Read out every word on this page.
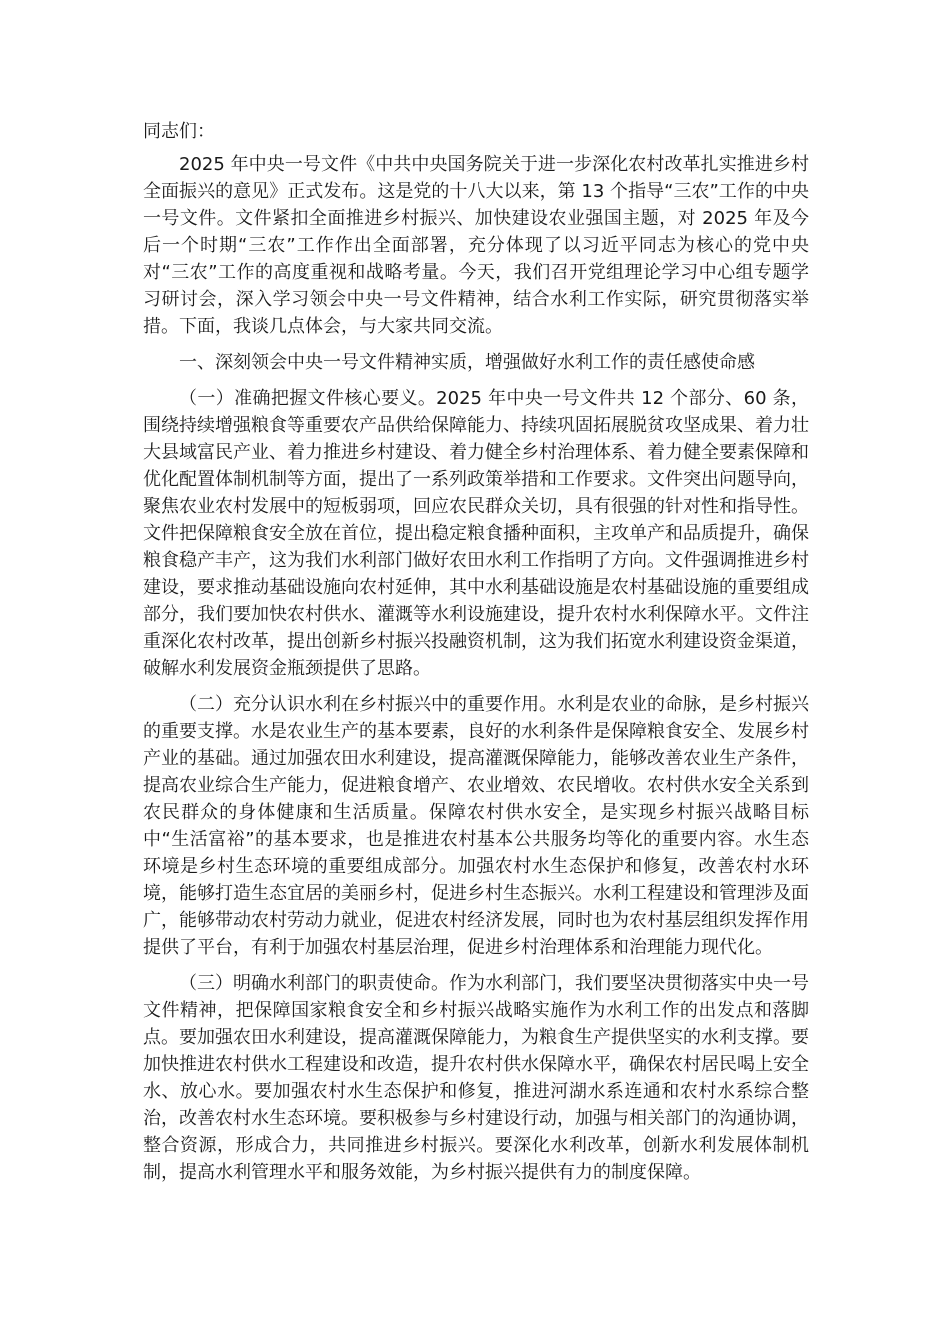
同志们：

2025 年中央一号文件《中共中央国务院关于进一步深化农村改革扎实推进乡村全面振兴的意见》正式发布。这是党的十八大以来，第 13 个指导“三农”工作的中央一号文件。文件紧扣全面推进乡村振兴、加快建设农业强国主题，对 2025 年及今后一个时期“三农”工作作出全面部署，充分体现了以习近平同志为核心的党中央对“三农”工作的高度重视和战略考量。今天，我们召开党组理论学习中心组专题学习研讨会，深入学习领会中央一号文件精神，结合水利工作实际，研究贯彻落实举措。下面，我谈几点体会，与大家共同交流。

一、深刻领会中央一号文件精神实质，增强做好水利工作的责任感使命感

（一）准确把握文件核心要义。2025 年中央一号文件共 12 个部分、60 条，围绕持续增强粮食等重要农产品供给保障能力、持续巩固拓展脱贫攻坚成果、着力壮大县域富民产业、着力推进乡村建设、着力健全乡村治理体系、着力健全要素保障和优化配置体制机制等方面，提出了一系列政策举措和工作要求。文件突出问题导向，聚焦农业农村发展中的短板弱项，回应农民群众关切，具有很强的针对性和指导性。文件把保障粮食安全放在首位，提出稳定粮食播种面积，主攻单产和品质提升，确保粮食稳产丰产，这为我们水利部门做好农田水利工作指明了方向。文件强调推进乡村建设，要求推动基础设施向农村延伸，其中水利基础设施是农村基础设施的重要组成部分，我们要加快农村供水、灌溉等水利设施建设，提升农村水利保障水平。文件注重深化农村改革，提出创新乡村振兴投融资机制，这为我们拓宽水利建设资金渠道，破解水利发展资金瓶颈提供了思路。

（二）充分认识水利在乡村振兴中的重要作用。水利是农业的命脉，是乡村振兴的重要支撑。水是农业生产的基本要素，良好的水利条件是保障粮食安全、发展乡村产业的基础。通过加强农田水利建设，提高灌溉保障能力，能够改善农业生产条件，提高农业综合生产能力，促进粮食增产、农业增效、农民增收。农村供水安全关系到农民群众的身体健康和生活质量。保障农村供水安全，是实现乡村振兴战略目标中“生活富裕”的基本要求，也是推进农村基本公共服务均等化的重要内容。水生态环境是乡村生态环境的重要组成部分。加强农村水生态保护和修复，改善农村水环境，能够打造生态宜居的美丽乡村，促进乡村生态振兴。水利工程建设和管理涉及面广，能够带动农村劳动力就业，促进农村经济发展，同时也为农村基层组织发挥作用提供了平台，有利于加强农村基层治理，促进乡村治理体系和治理能力现代化。

（三）明确水利部门的职责使命。作为水利部门，我们要坚决贯彻落实中央一号文件精神，把保障国家粮食安全和乡村振兴战略实施作为水利工作的出发点和落脚点。要加强农田水利建设，提高灌溉保障能力，为粮食生产提供坚实的水利支撑。要加快推进农村供水工程建设和改造，提升农村供水保障水平，确保农村居民喝上安全水、放心水。要加强农村水生态保护和修复，推进河湖水系连通和农村水系综合整治，改善农村水生态环境。要积极参与乡村建设行动，加强与相关部门的沟通协调，整合资源，形成合力，共同推进乡村振兴。要深化水利改革，创新水利发展体制机制，提高水利管理水平和服务效能，为乡村振兴提供有力的制度保障。
